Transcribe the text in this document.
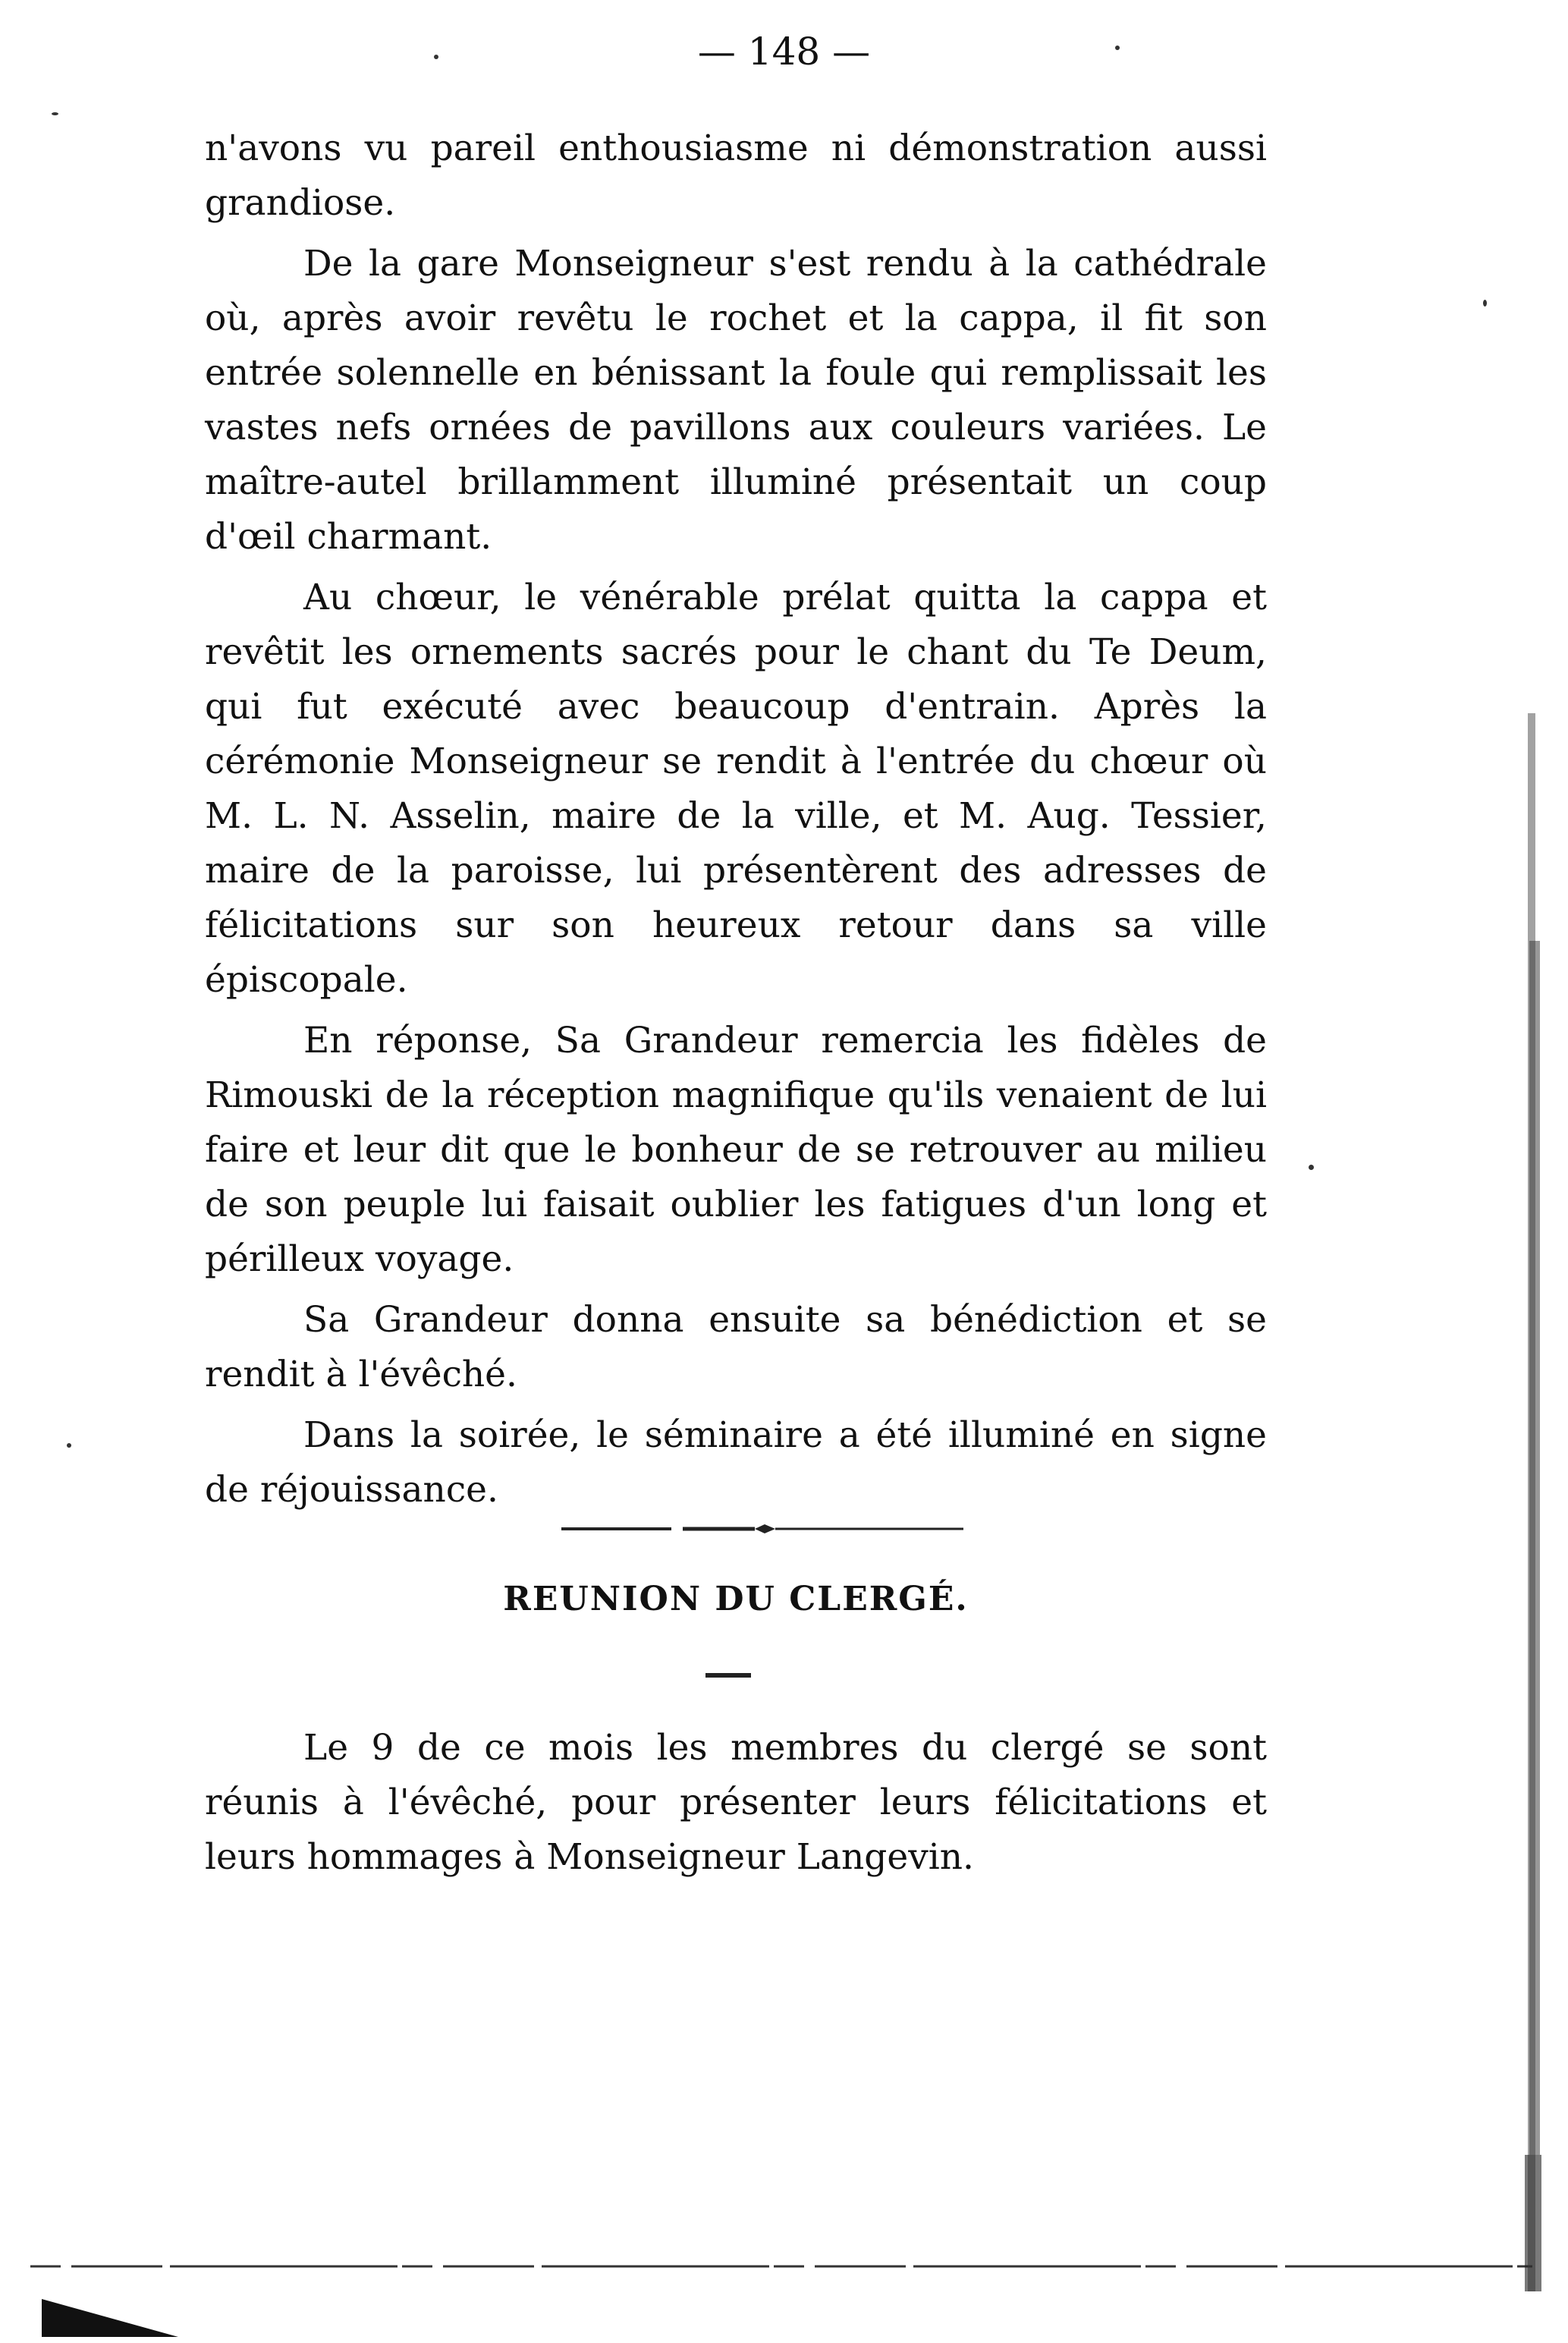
— 148 —

n'avons vu pareil enthousiasme ni démonstration aussi grandiose.

De la gare Monseigneur s'est rendu à la cathédrale où, après avoir revêtu le rochet et la cappa, il fit son entrée solennelle en bénissant la foule qui remplissait les vastes nefs ornées de pavillons aux couleurs variées. Le maître-autel brillamment illuminé présentait un coup d'œil charmant.

Au chœur, le vénérable prélat quitta la cappa et revêtit les ornements sacrés pour le chant du Te Deum, qui fut exécuté avec beaucoup d'entrain. Après la cérémonie Monseigneur se rendit à l'entrée du chœur où M. L. N. Asselin, maire de la ville, et M. Aug. Tessier, maire de la paroisse, lui présentèrent des adresses de félicitations sur son heureux retour dans sa ville épiscopale.

En réponse, Sa Grandeur remercia les fidèles de Rimouski de la réception magnifique qu'ils venaient de lui faire et leur dit que le bonheur de se retrouver au milieu de son peuple lui faisait oublier les fatigues d'un long et périlleux voyage.

Sa Grandeur donna ensuite sa bénédiction et se rendit à l'évêché.

Dans la soirée, le séminaire a été illuminé en signe de réjouissance.

REUNION DU CLERGÉ.

Le 9 de ce mois les membres du clergé se sont réunis à l'évêché, pour présenter leurs félicitations et leurs hommages à Monseigneur Langevin.
